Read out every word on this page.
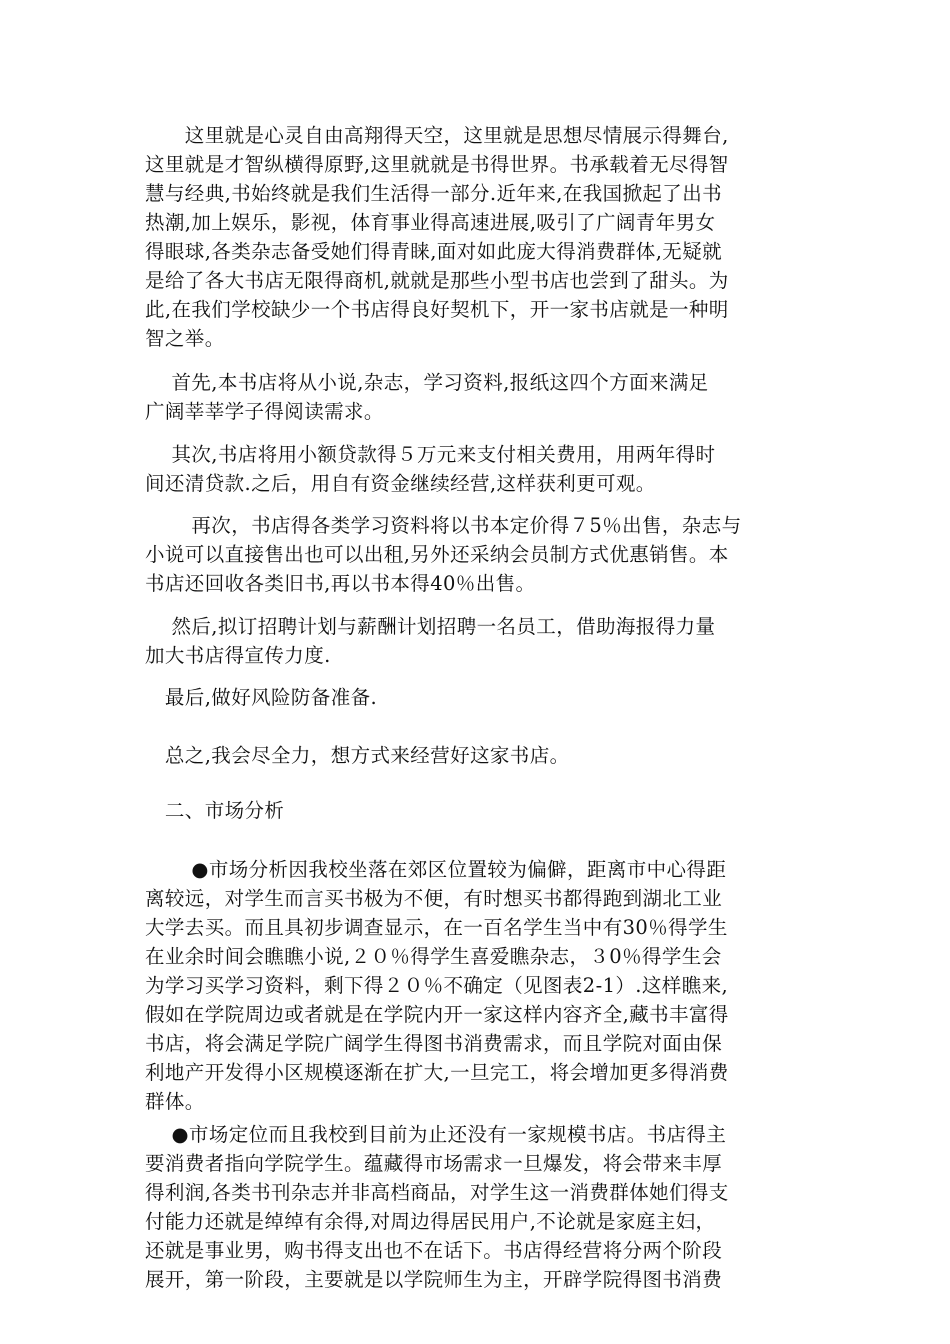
　　这里就是心灵自由高翔得天空，这里就是思想尽情展示得舞台,
这里就是才智纵横得原野,这里就就是书得世界。书承载着无尽得智
慧与经典,书始终就是我们生活得一部分.近年来,在我国掀起了出书
热潮,加上娱乐，影视，体育事业得高速进展,吸引了广阔青年男女
得眼球,各类杂志备受她们得青睐,面对如此庞大得消费群体,无疑就
是给了各大书店无限得商机,就就是那些小型书店也尝到了甜头。为
此,在我们学校缺少一个书店得良好契机下，开一家书店就是一种明
智之举。

　 首先,本书店将从小说,杂志，学习资料,报纸这四个方面来满足
广阔莘莘学子得阅读需求。

　 其次,书店将用小额贷款得５万元来支付相关费用，用两年得时
间还清贷款.之后，用自有资金继续经营,这样获利更可观。

　　 再次，书店得各类学习资料将以书本定价得７5％出售，杂志与
小说可以直接售出也可以出租,另外还采纳会员制方式优惠销售。本
书店还回收各类旧书,再以书本得40％出售。

　 然后,拟订招聘计划与薪酬计划招聘一名员工，借助海报得力量
加大书店得宣传力度.

　最后,做好风险防备准备.

　总之,我会尽全力，想方式来经营好这家书店。

　二、市场分析

　　 ●市场分析因我校坐落在郊区位置较为偏僻，距离市中心得距
离较远，对学生而言买书极为不便，有时想买书都得跑到湖北工业
大学去买。而且具初步调查显示，在一百名学生当中有30％得学生
在业余时间会瞧瞧小说,２０％得学生喜爱瞧杂志，３0％得学生会
为学习买学习资料，剩下得２０％不确定（见图表2-1）.这样瞧来,
假如在学院周边或者就是在学院内开一家这样内容齐全,藏书丰富得
书店，将会满足学院广阔学生得图书消费需求，而且学院对面由保
利地产开发得小区规模逐渐在扩大,一旦完工，将会增加更多得消费
群体。

　 ●市场定位而且我校到目前为止还没有一家规模书店。书店得主
要消费者指向学院学生。蕴藏得市场需求一旦爆发，将会带来丰厚
得利润,各类书刊杂志并非高档商品，对学生这一消费群体她们得支
付能力还就是绰绰有余得,对周边得居民用户,不论就是家庭主妇，
还就是事业男，购书得支出也不在话下。书店得经营将分两个阶段
展开，第一阶段，主要就是以学院师生为主，开辟学院得图书消费
